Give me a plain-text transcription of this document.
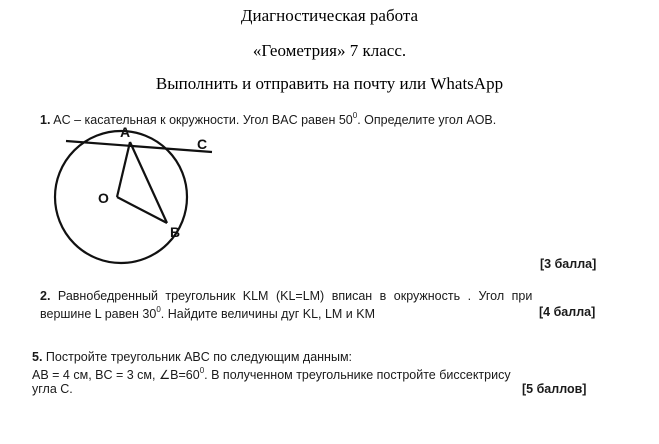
Диагностическая работа
«Геометрия» 7 класс.
Выполнить и отправить на почту или WhatsApp
1. AC – касательная к окружности. Угол BAC равен $50^0$. Определите угол AOB.
A
C
O
B
[3 балла]
2. Равнобедренный треугольник KLM (KL=LM) вписан в окружность . Угол при
вершине L равен $30^0$. Найдите величины дуг KL, LM и KM	[4 балла]
5. Постройте треугольник ABC по следующим данным:
AB = 4 см, BC = 3 см, $\angle B=60^0$. В полученном треугольнике постройте биссектрису
угла С.	[5 баллов]
